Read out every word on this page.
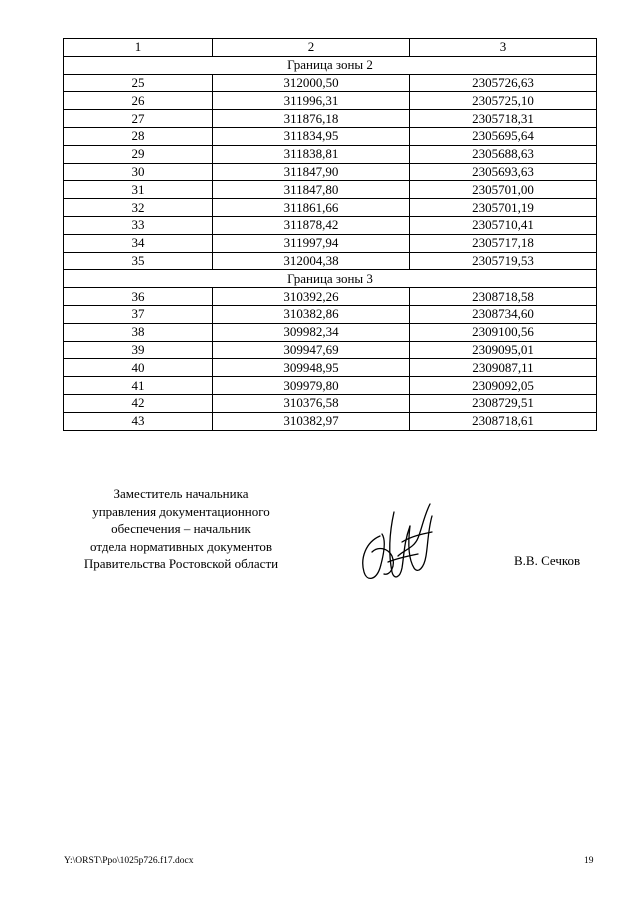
1	2	3
Граница зоны 2		
25	312000,50	2305726,63
26	311996,31	2305725,10
27	311876,18	2305718,31
28	311834,95	2305695,64
29	311838,81	2305688,63
30	311847,90	2305693,63
31	311847,80	2305701,00
32	311861,66	2305701,19
33	311878,42	2305710,41
34	311997,94	2305717,18
35	312004,38	2305719,53
Граница зоны 3		
36	310392,26	2308718,58
37	310382,86	2308734,60
38	309982,34	2309100,56
39	309947,69	2309095,01
40	309948,95	2309087,11
41	309979,80	2309092,05
42	310376,58	2308729,51
43	310382,97	2308718,61
Заместитель начальника
управления документационного
обеспечения – начальник
отдела нормативных документов
Правительства Ростовской области	В.В. Сечков
Y:\ORST\Ppo\1025p726.f17.docx	19
